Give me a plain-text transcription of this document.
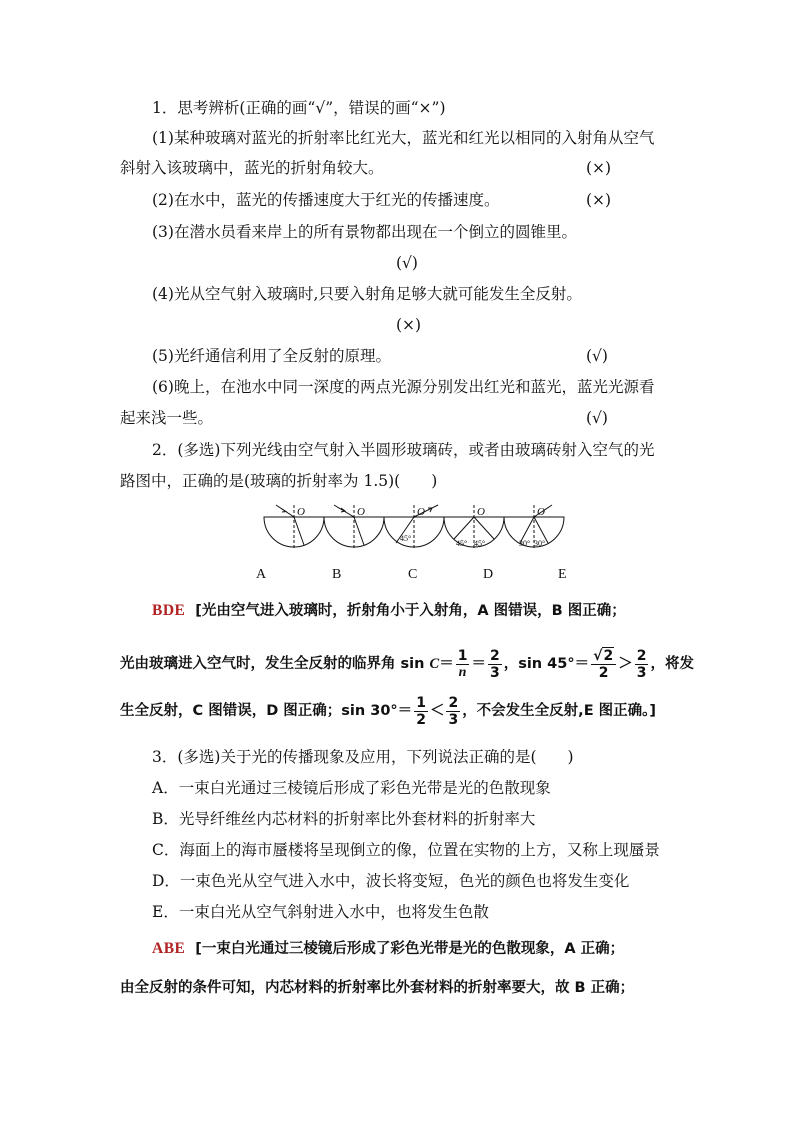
1．思考辨析(正确的画“√”，错误的画“×”)
(1)某种玻璃对蓝光的折射率比红光大，蓝光和红光以相同的入射角从空气
斜射入该玻璃中，蓝光的折射角较大。	(×)
(2)在水中，蓝光的传播速度大于红光的传播速度。	(×)
(3)在潜水员看来岸上的所有景物都出现在一个倒立的圆锥里。
(√)
(4)光从空气射入玻璃时,只要入射角足够大就可能发生全反射。
(×)
(5)光纤通信利用了全反射的原理。	(√)
(6)晚上，在池水中同一深度的两点光源分别发出红光和蓝光，蓝光光源看
起来浅一些。	(√)
2．(多选)下列光线由空气射入半圆形玻璃砖，或者由玻璃砖射入空气的光
路图中，正确的是(玻璃的折射率为 1.5)(　　)
O	O	O	O	O
45°
45° 45°	30° 30°
A	B	C	D	E
BDE [光由空气进入玻璃时，折射角小于入射角，A 图错误，B 图正确；
光由玻璃进入空气时，发生全反射的临界角 $\sin C= \frac{1}{n} = \frac{2}{3}$ ，$\sin 45^\circ= \frac{√2}{2} > \frac{2}{3}$ ，将发
生全反射，C 图错误，D 图正确；$\sin 30^\circ= \frac{1}{2} < \frac{2}{3}$ ，不会发生全反射,E 图正确。]
3．(多选)关于光的传播现象及应用，下列说法正确的是(　　)
A．一束白光通过三棱镜后形成了彩色光带是光的色散现象
B．光导纤维丝内芯材料的折射率比外套材料的折射率大
C．海面上的海市蜃楼将呈现倒立的像，位置在实物的上方，又称上现蜃景
D．一束色光从空气进入水中，波长将变短，色光的颜色也将发生变化
E．一束白光从空气斜射进入水中，也将发生色散
ABE [一束白光通过三棱镜后形成了彩色光带是光的色散现象，A 正确；
由全反射的条件可知，内芯材料的折射率比外套材料的折射率要大，故 B 正确；
